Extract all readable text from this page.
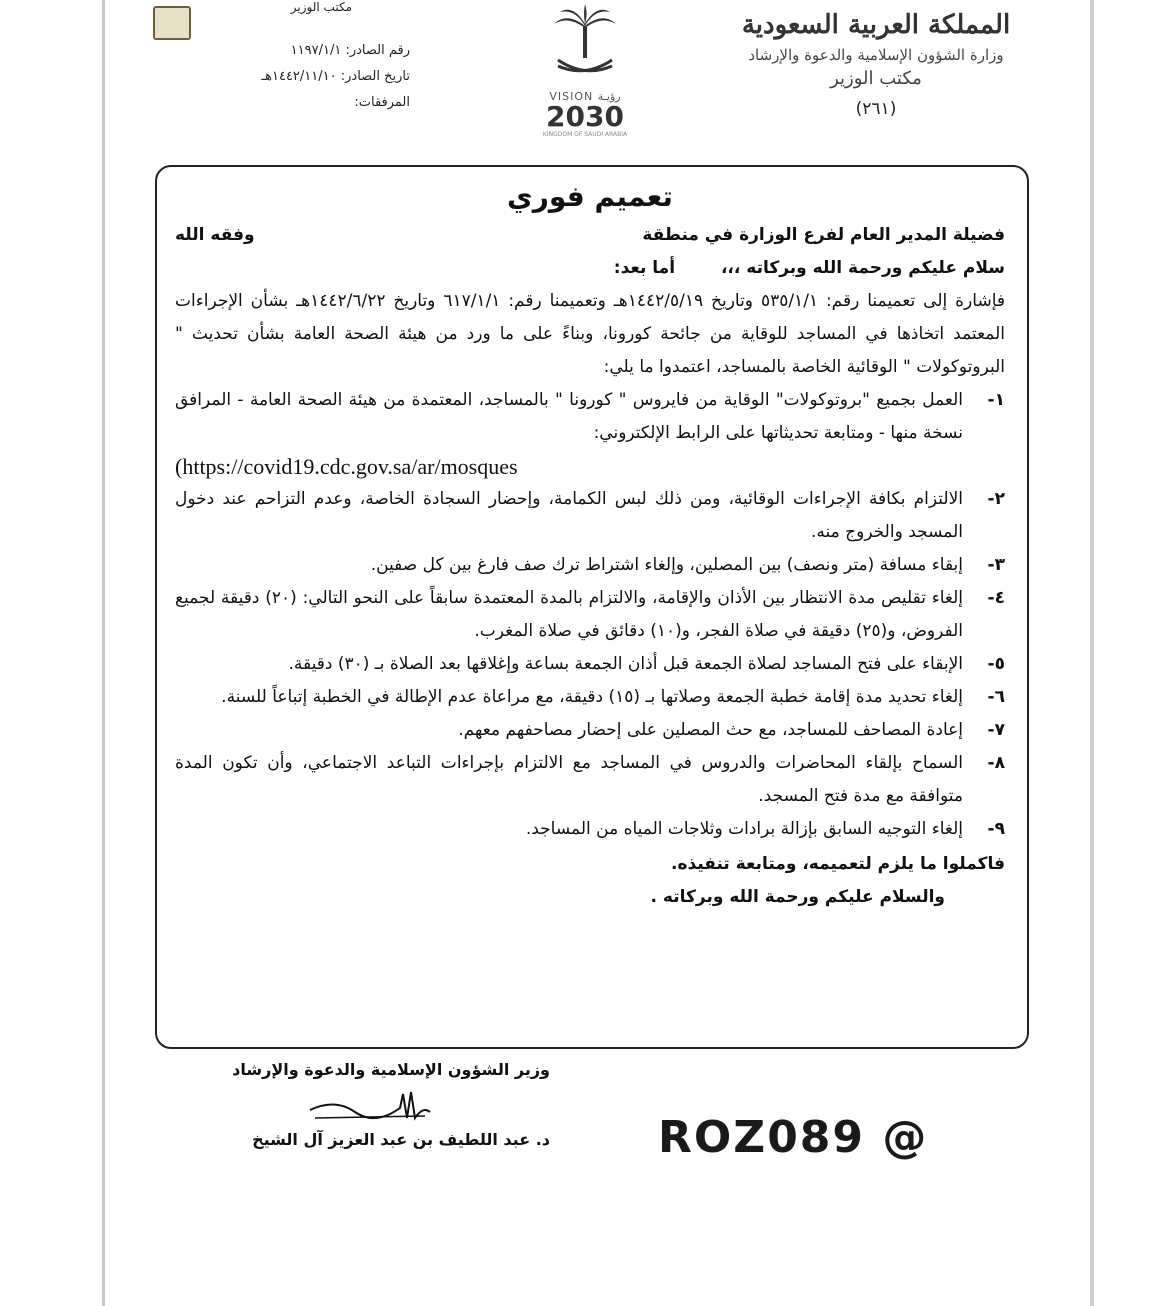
مكتب الوزير
رقم الصادر: ١١٩٧/١/١
تاريخ الصادر: ١٤٤٢/١١/١٠هـ
المرفقات:	VISION رؤيـة
2030
KINGDOM OF SAUDI ARABIA
المملكة العربية السعودية
وزارة الشؤون الإسلامية والدعوة والإرشاد
مكتب الوزير
(٢٦١)
تعميم فوري
فضيلة المدير العام لفرع الوزارة في منطقة
وفقه الله
سلام عليكم ورحمة الله وبركاته ،،، أما بعد:
فإشارة إلى تعميمنا رقم: ٥٣٥/١/١ وتاريخ ١٤٤٢/٥/١٩هـ وتعميمنا رقم: ٦١٧/١/١ وتاريخ ١٤٤٢/٦/٢٢هـ بشأن الإجراءات المعتمد اتخاذها في المساجد للوقاية من جائحة كورونا، وبناءً على ما ورد من هيئة الصحة العامة بشأن تحديث " البروتوكولات " الوقائية الخاصة بالمساجد، اعتمدوا ما يلي:
١-
العمل بجميع "بروتوكولات" الوقاية من فايروس " كورونا " بالمساجد، المعتمدة من هيئة الصحة العامة - المرافق نسخة منها - ومتابعة تحديثاتها على الرابط الإلكتروني:
(https://covid19.cdc.gov.sa/ar/mosques
٢-
الالتزام بكافة الإجراءات الوقائية، ومن ذلك لبس الكمامة، وإحضار السجادة الخاصة، وعدم التزاحم عند دخول المسجد والخروج منه.
٣-
إبقاء مسافة (متر ونصف) بين المصلين، وإلغاء اشتراط ترك صف فارغ بين كل صفين.
٤-
إلغاء تقليص مدة الانتظار بين الأذان والإقامة، والالتزام بالمدة المعتمدة سابقاً على النحو التالي: (٢٠) دقيقة لجميع الفروض، و(٢٥) دقيقة في صلاة الفجر، و(١٠) دقائق في صلاة المغرب.
٥-
الإبقاء على فتح المساجد لصلاة الجمعة قبل أذان الجمعة بساعة وإغلاقها بعد الصلاة بـ (٣٠) دقيقة.
٦-
إلغاء تحديد مدة إقامة خطبة الجمعة وصلاتها بـ (١٥) دقيقة، مع مراعاة عدم الإطالة في الخطبة إتباعاً للسنة.
٧-
إعادة المصاحف للمساجد، مع حث المصلين على إحضار مصاحفهم معهم.
٨-
السماح بإلقاء المحاضرات والدروس في المساجد مع الالتزام بإجراءات التباعد الاجتماعي، وأن تكون المدة متوافقة مع مدة فتح المسجد.
٩-
إلغاء التوجيه السابق بإزالة برادات وثلاجات المياه من المساجد.
فاكملوا ما يلزم لتعميمه، ومتابعة تنفيذه.
والسلام عليكم ورحمة الله وبركاته .
وزير الشؤون الإسلامية والدعوة والإرشاد
د. عبد اللطيف بن عبد العزيز آل الشيخ ROZ089 @
